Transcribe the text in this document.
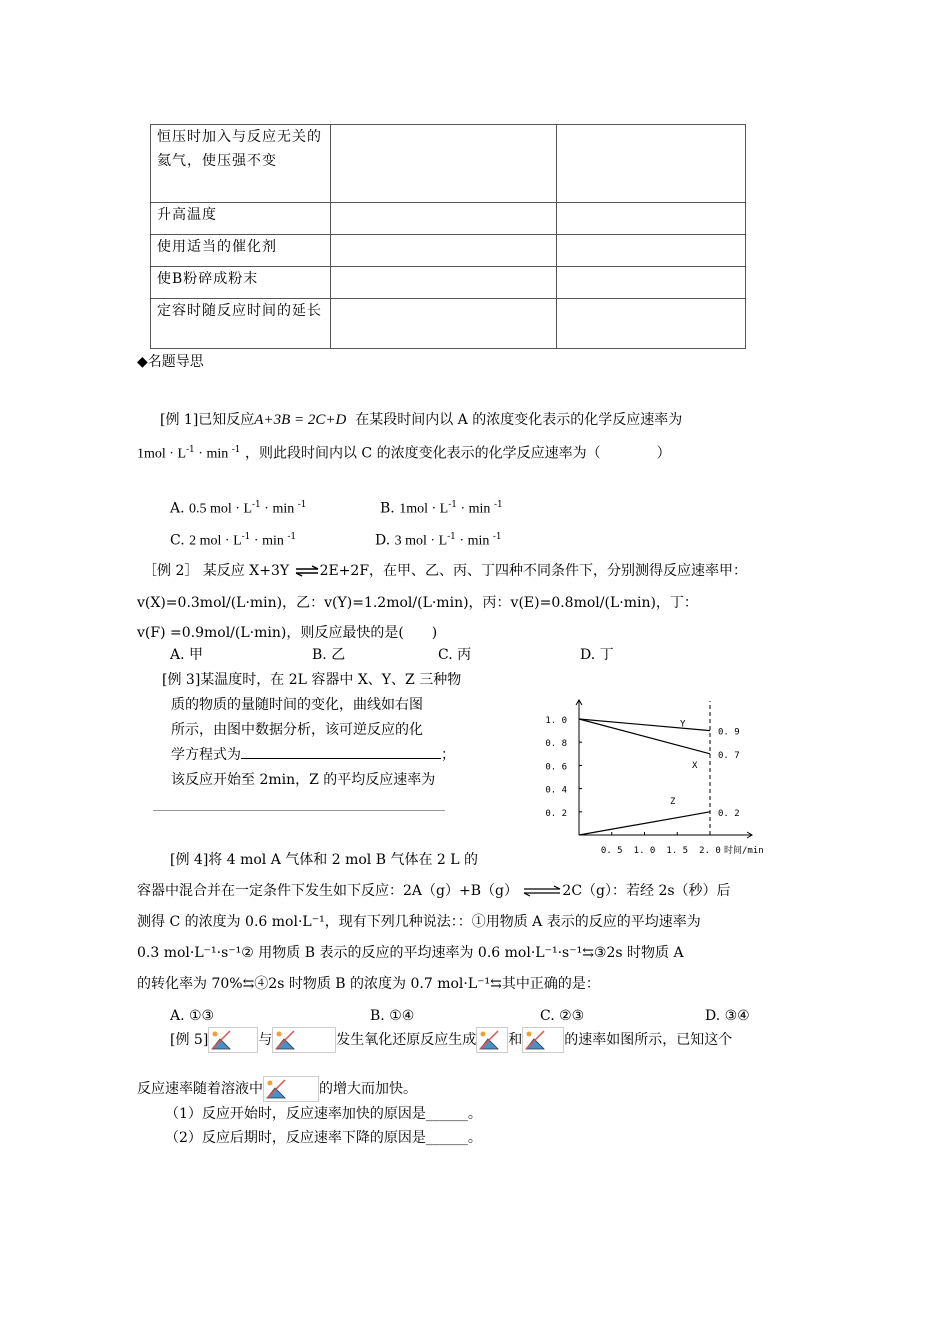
恒压时加入与反应无关的氦气，使压强不变		
升高温度		
使用适当的催化剂		
使B粉碎成粉末		
定容时随反应时间的延长		
◆名题导思
[例 1]已知反应A+3B = 2C+D 在某段时间内以 A 的浓度变化表示的化学反应速率为
$1mol \cdot L^{-1} \cdot \min ^{-1}$ ，则此段时间内以 C 的浓度变化表示的化学反应速率为（　　　　）
A. 0.5 mol · $L^{-1} \cdot \min ^{-1}$	B. $1mol \cdot L^{-1} \cdot \min ^{-1}$
C. 2 mol · $L^{-1} \cdot \min ^{-1}$	D. 3 mol · $L^{-1} \cdot \min ^{-1}$
［例 2］ 某反应 X+3Y ⇌2E+2F，在甲、乙、丙、丁四种不同条件下，分别测得反应速率甲：
v(X)=0.3mol/(L·min)，乙：v(Y)=1.2mol/(L·min)，丙：v(E)=0.8mol/(L·min)，丁：
v(F) =0.9mol/(L·min)，则反应最快的是(　　)
A. 甲	B. 乙	C. 丙	D. 丁
[例 3]某温度时，在 2L 容器中 X、Y、Z 三种物
质的物质的量随时间的变化，曲线如右图
所示，由图中数据分析，该可逆反应的化
学方程式为	；
该反应开始至 2min，Z 的平均反应速率为
0. 2
0. 4
0. 6
0. 8
1. 0
0. 5 1. 0 1. 5 2. 0 时间/min
Y
0. 9
X
0. 7
Z
0. 2
[例 4]将 4 mol A 气体和 2 mol B 气体在 2 L 的
容器中混合并在一定条件下发生如下反应：2A（g）+B（g） ⇌2C（g）：若经 2s（秒）后
测得 C 的浓度为 0.6 mol·L⁻¹，现有下列几种说法：：①用物质 A 表示的反应的平均速率为
0.3 mol·L⁻¹·s⁻¹② 用物质 B 表示的反应的平均速率为 0.6 mol·L⁻¹·s⁻¹⇆③2s 时物质 A
的转化率为 70%⇆④2s 时物质 B 的浓度为 0.7 mol·L⁻¹⇆其中正确的是：
A. ①③	B. ①④	C. ②③	D. ③④
[例 5]	与	发生氧化还原反应生成 和	的速率如图所示，已知这个
反应速率随着溶液中	的增大而加快。
（1）反应开始时，反应速率加快的原因是______。
（2）反应后期时，反应速率下降的原因是______。
